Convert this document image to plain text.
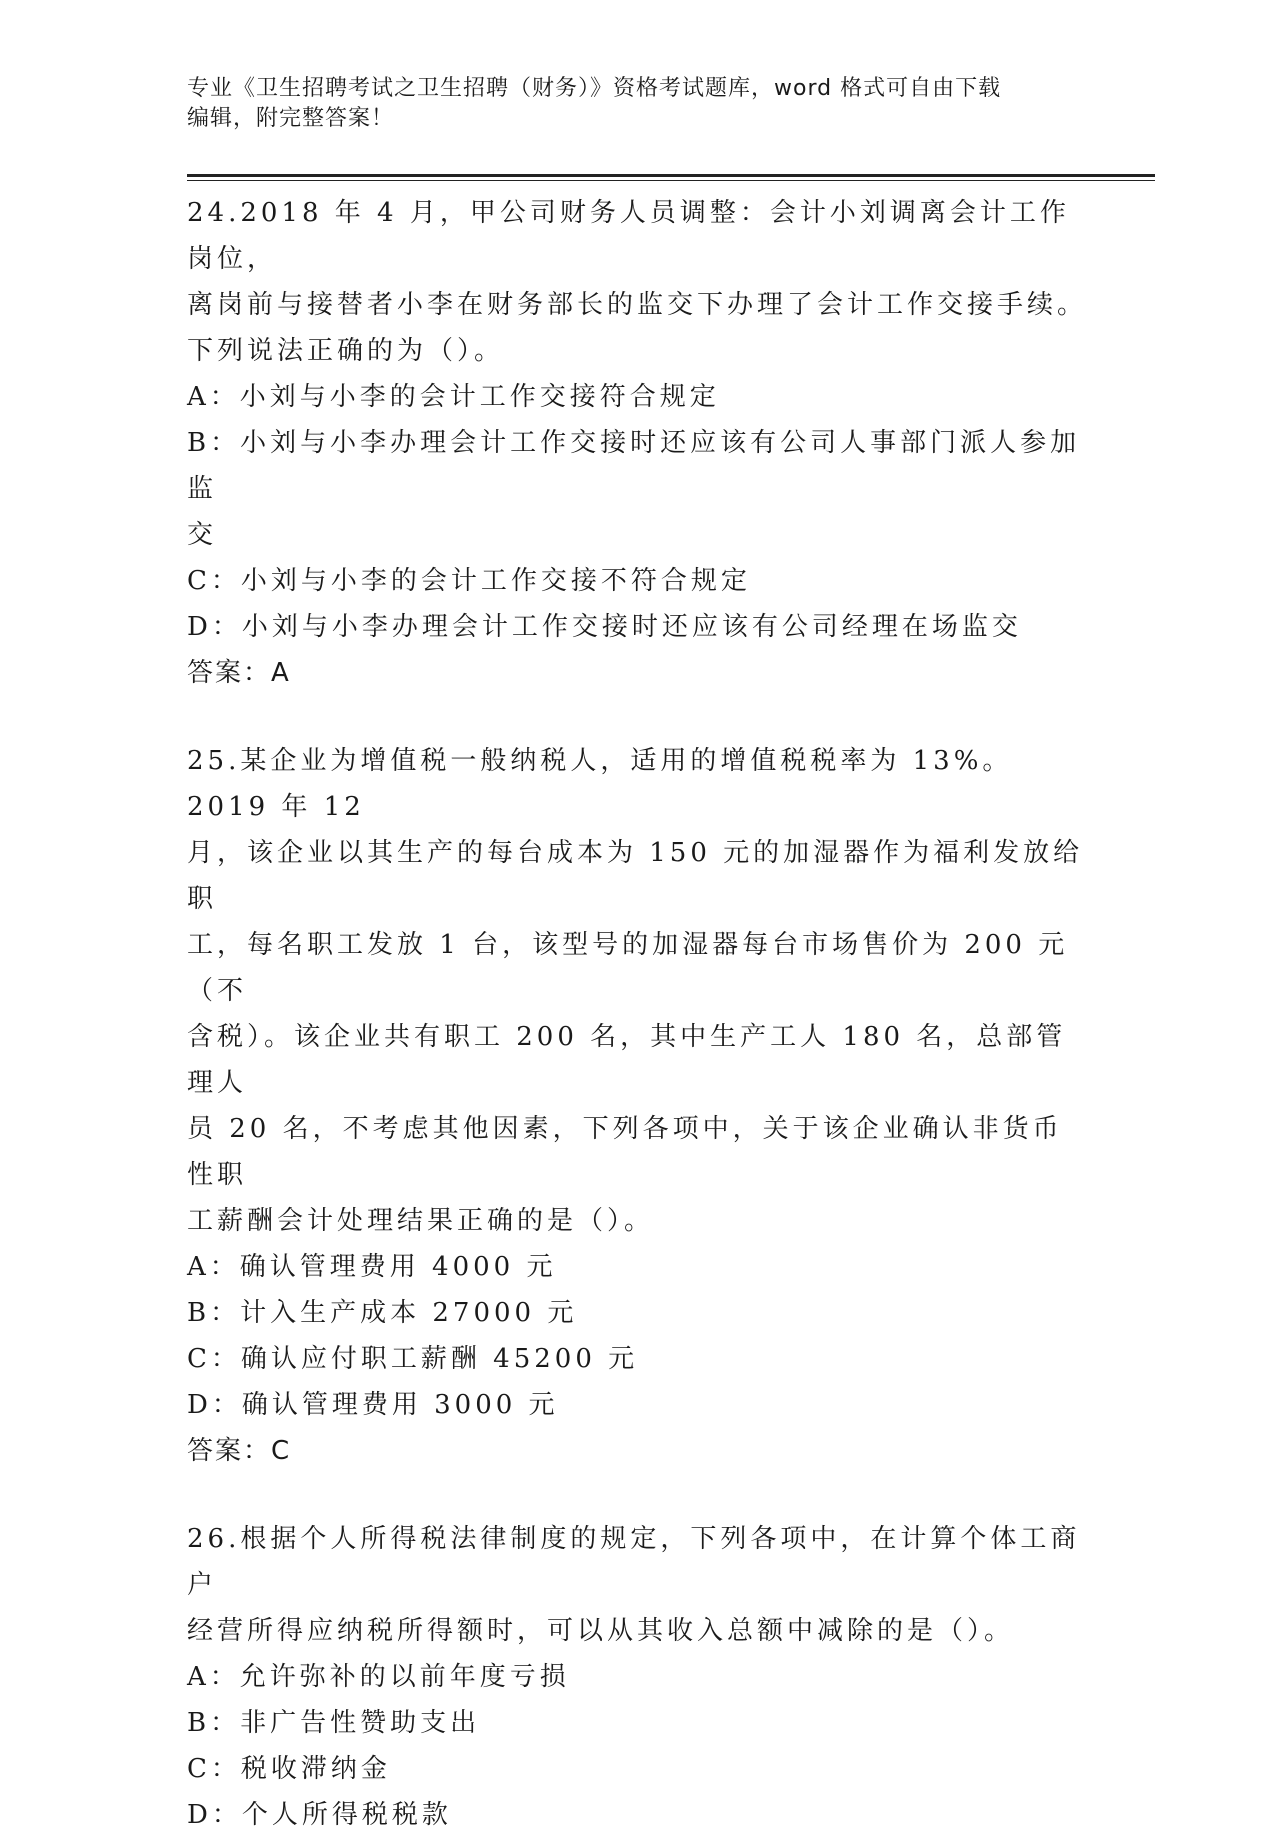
专业《卫生招聘考试之卫生招聘（财务）》资格考试题库，word 格式可自由下载
编辑，附完整答案！

24.2018 年 4 月，甲公司财务人员调整：会计小刘调离会计工作岗位，

离岗前与接替者小李在财务部长的监交下办理了会计工作交接手续。

下列说法正确的为（）。

A：小刘与小李的会计工作交接符合规定

B：小刘与小李办理会计工作交接时还应该有公司人事部门派人参加监

交

C：小刘与小李的会计工作交接不符合规定

D：小刘与小李办理会计工作交接时还应该有公司经理在场监交

答案：A

25.某企业为增值税一般纳税人，适用的增值税税率为 13%。2019 年 12

月，该企业以其生产的每台成本为 150 元的加湿器作为福利发放给职

工，每名职工发放 1 台，该型号的加湿器每台市场售价为 200 元（不

含税）。该企业共有职工 200 名，其中生产工人 180 名，总部管理人

员 20 名，不考虑其他因素，下列各项中，关于该企业确认非货币性职

工薪酬会计处理结果正确的是（）。

A：确认管理费用 4000 元

B：计入生产成本 27000 元

C：确认应付职工薪酬 45200 元

D：确认管理费用 3000 元

答案：C

26.根据个人所得税法律制度的规定，下列各项中，在计算个体工商户

经营所得应纳税所得额时，可以从其收入总额中减除的是（）。

A：允许弥补的以前年度亏损

B：非广告性赞助支出

C：税收滞纳金

D：个人所得税税款
